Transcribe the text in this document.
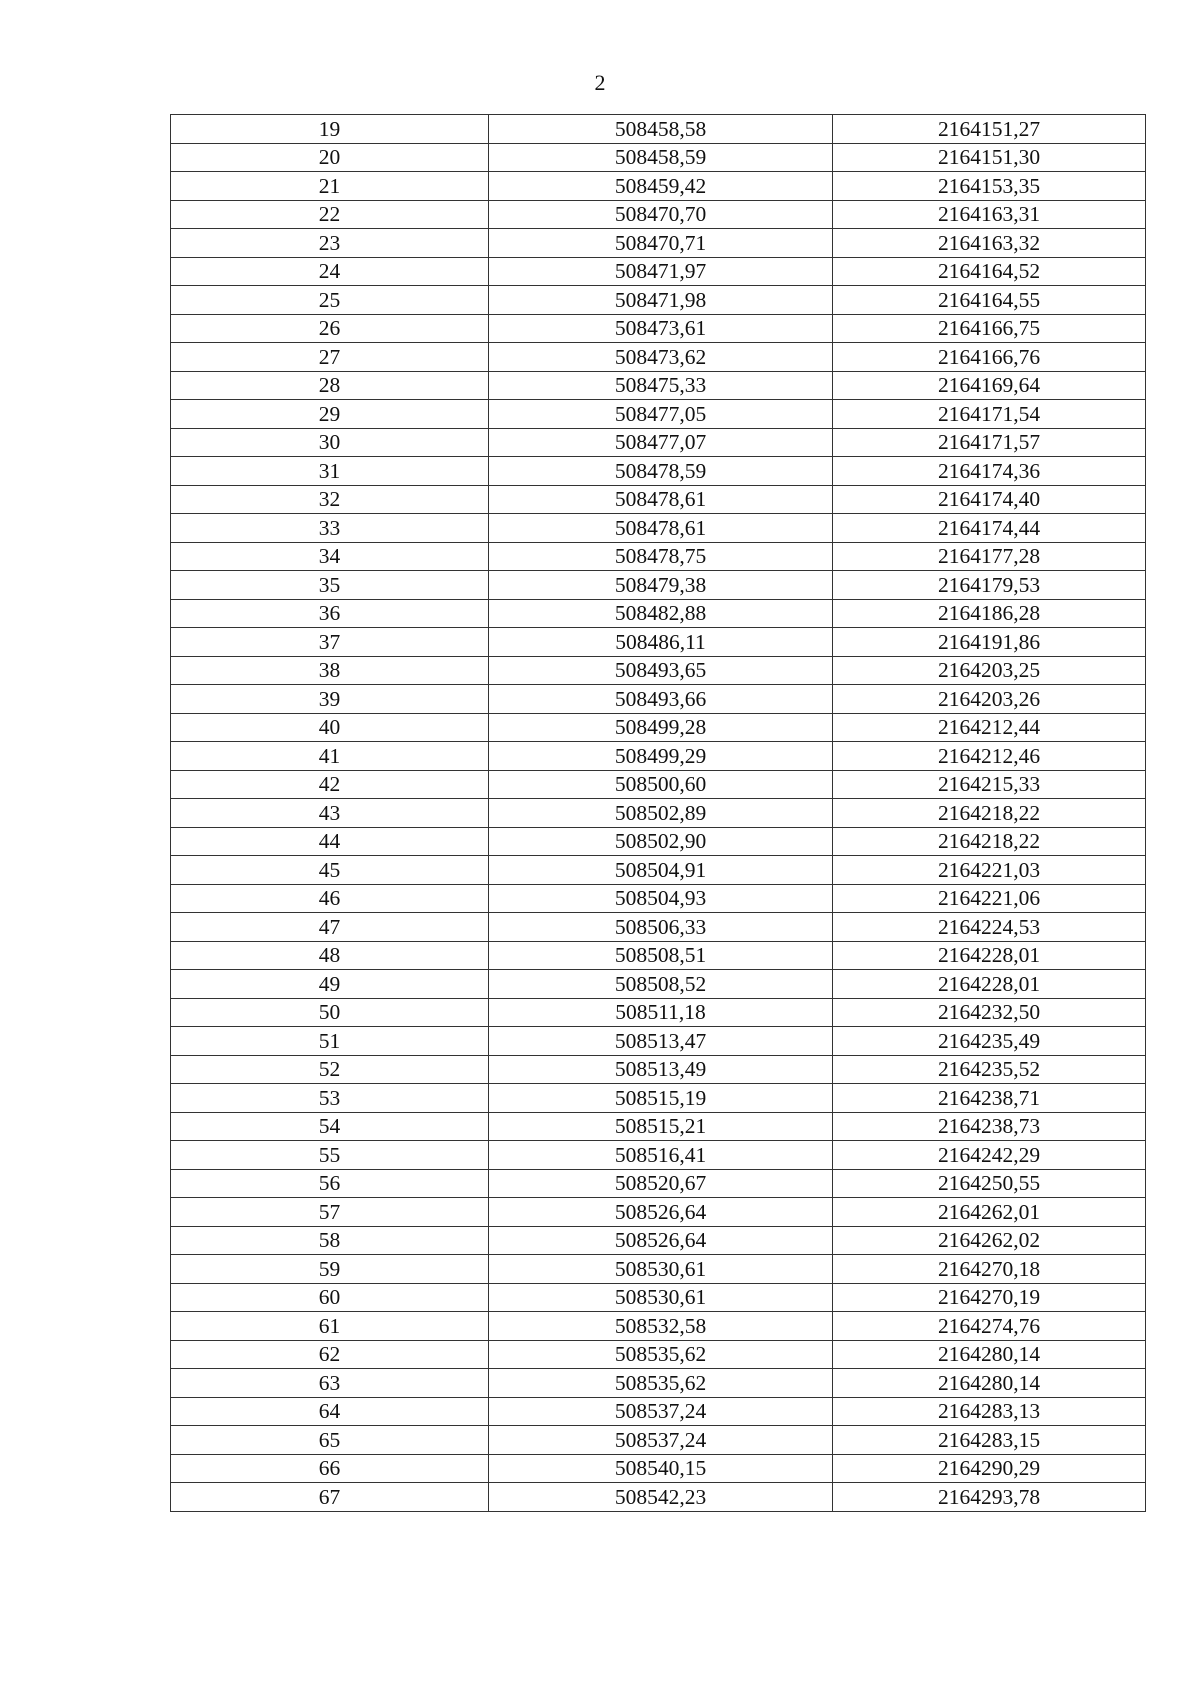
2
19	508458,58	2164151,27
20	508458,59	2164151,30
21	508459,42	2164153,35
22	508470,70	2164163,31
23	508470,71	2164163,32
24	508471,97	2164164,52
25	508471,98	2164164,55
26	508473,61	2164166,75
27	508473,62	2164166,76
28	508475,33	2164169,64
29	508477,05	2164171,54
30	508477,07	2164171,57
31	508478,59	2164174,36
32	508478,61	2164174,40
33	508478,61	2164174,44
34	508478,75	2164177,28
35	508479,38	2164179,53
36	508482,88	2164186,28
37	508486,11	2164191,86
38	508493,65	2164203,25
39	508493,66	2164203,26
40	508499,28	2164212,44
41	508499,29	2164212,46
42	508500,60	2164215,33
43	508502,89	2164218,22
44	508502,90	2164218,22
45	508504,91	2164221,03
46	508504,93	2164221,06
47	508506,33	2164224,53
48	508508,51	2164228,01
49	508508,52	2164228,01
50	508511,18	2164232,50
51	508513,47	2164235,49
52	508513,49	2164235,52
53	508515,19	2164238,71
54	508515,21	2164238,73
55	508516,41	2164242,29
56	508520,67	2164250,55
57	508526,64	2164262,01
58	508526,64	2164262,02
59	508530,61	2164270,18
60	508530,61	2164270,19
61	508532,58	2164274,76
62	508535,62	2164280,14
63	508535,62	2164280,14
64	508537,24	2164283,13
65	508537,24	2164283,15
66	508540,15	2164290,29
67	508542,23	2164293,78
